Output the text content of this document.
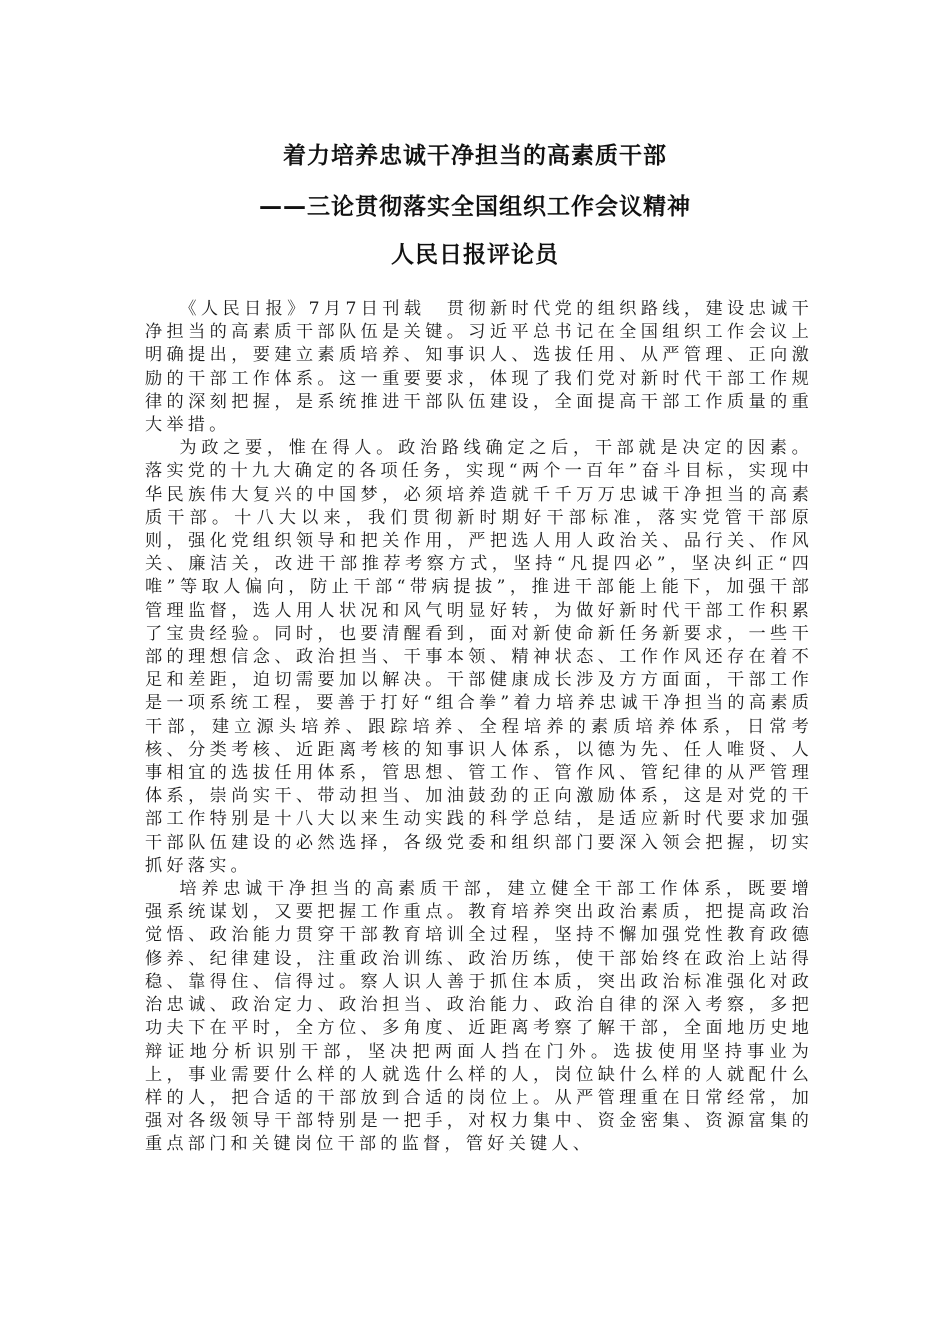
着力培养忠诚干净担当的高素质干部
——三论贯彻落实全国组织工作会议精神
人民日报评论员

《人民日报》7月7日刊载　贯彻新时代党的组织路线，建设忠诚干净担当的高素质干部队伍是关键。习近平总书记在全国组织工作会议上明确提出，要建立素质培养、知事识人、选拔任用、从严管理、正向激励的干部工作体系。这一重要要求，体现了我们党对新时代干部工作规律的深刻把握，是系统推进干部队伍建设，全面提高干部工作质量的重大举措。

为政之要，惟在得人。政治路线确定之后，干部就是决定的因素。落实党的十九大确定的各项任务，实现“两个一百年”奋斗目标，实现中华民族伟大复兴的中国梦，必须培养造就千千万万忠诚干净担当的高素质干部。十八大以来，我们贯彻新时期好干部标准，落实党管干部原则，强化党组织领导和把关作用，严把选人用人政治关、品行关、作风关、廉洁关，改进干部推荐考察方式，坚持“凡提四必”，坚决纠正“四唯”等取人偏向，防止干部“带病提拔”，推进干部能上能下，加强干部管理监督，选人用人状况和风气明显好转，为做好新时代干部工作积累了宝贵经验。同时，也要清醒看到，面对新使命新任务新要求，一些干部的理想信念、政治担当、干事本领、精神状态、工作作风还存在着不足和差距，迫切需要加以解决。干部健康成长涉及方方面面，干部工作是一项系统工程，要善于打好“组合拳”着力培养忠诚干净担当的高素质干部，建立源头培养、跟踪培养、全程培养的素质培养体系，日常考核、分类考核、近距离考核的知事识人体系，以德为先、任人唯贤、人事相宜的选拔任用体系，管思想、管工作、管作风、管纪律的从严管理体系，崇尚实干、带动担当、加油鼓劲的正向激励体系，这是对党的干部工作特别是十八大以来生动实践的科学总结，是适应新时代要求加强干部队伍建设的必然选择，各级党委和组织部门要深入领会把握，切实抓好落实。

培养忠诚干净担当的高素质干部，建立健全干部工作体系，既要增强系统谋划，又要把握工作重点。教育培养突出政治素质，把提高政治觉悟、政治能力贯穿干部教育培训全过程，坚持不懈加强党性教育政德修养、纪律建设，注重政治训练、政治历练，使干部始终在政治上站得稳、靠得住、信得过。察人识人善于抓住本质，突出政治标准强化对政治忠诚、政治定力、政治担当、政治能力、政治自律的深入考察，多把功夫下在平时，全方位、多角度、近距离考察了解干部，全面地历史地辩证地分析识别干部，坚决把两面人挡在门外。选拔使用坚持事业为上，事业需要什么样的人就选什么样的人，岗位缺什么样的人就配什么样的人，把合适的干部放到合适的岗位上。从严管理重在日常经常，加强对各级领导干部特别是一把手，对权力集中、资金密集、资源富集的重点部门和关键岗位干部的监督，管好关键人、
